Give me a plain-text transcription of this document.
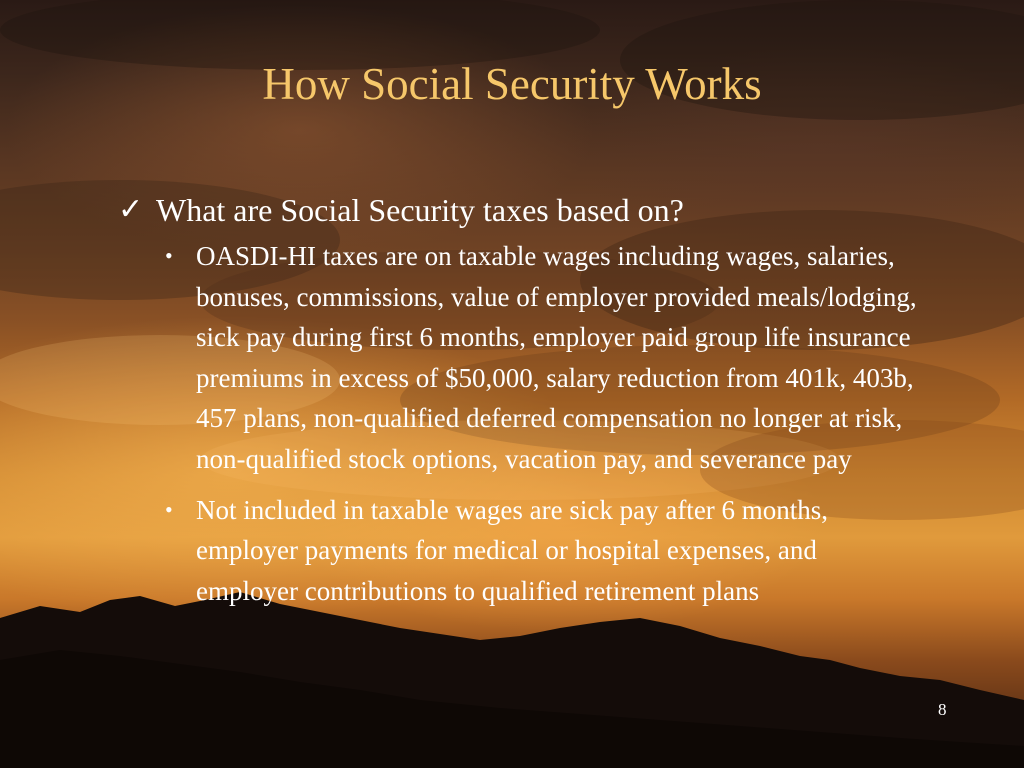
How Social Security Works
✓ What are Social Security taxes based on?
• OASDI-HI taxes are on taxable wages including wages, salaries, bonuses, commissions, value of employer provided meals/lodging, sick pay during first 6 months, employer paid group life insurance premiums in excess of $50,000, salary reduction from 401k, 403b, 457 plans, non-qualified deferred compensation no longer at risk, non-qualified stock options, vacation pay, and severance pay
• Not included in taxable wages are sick pay after 6 months, employer payments for medical or hospital expenses, and employer contributions to qualified retirement plans
8
